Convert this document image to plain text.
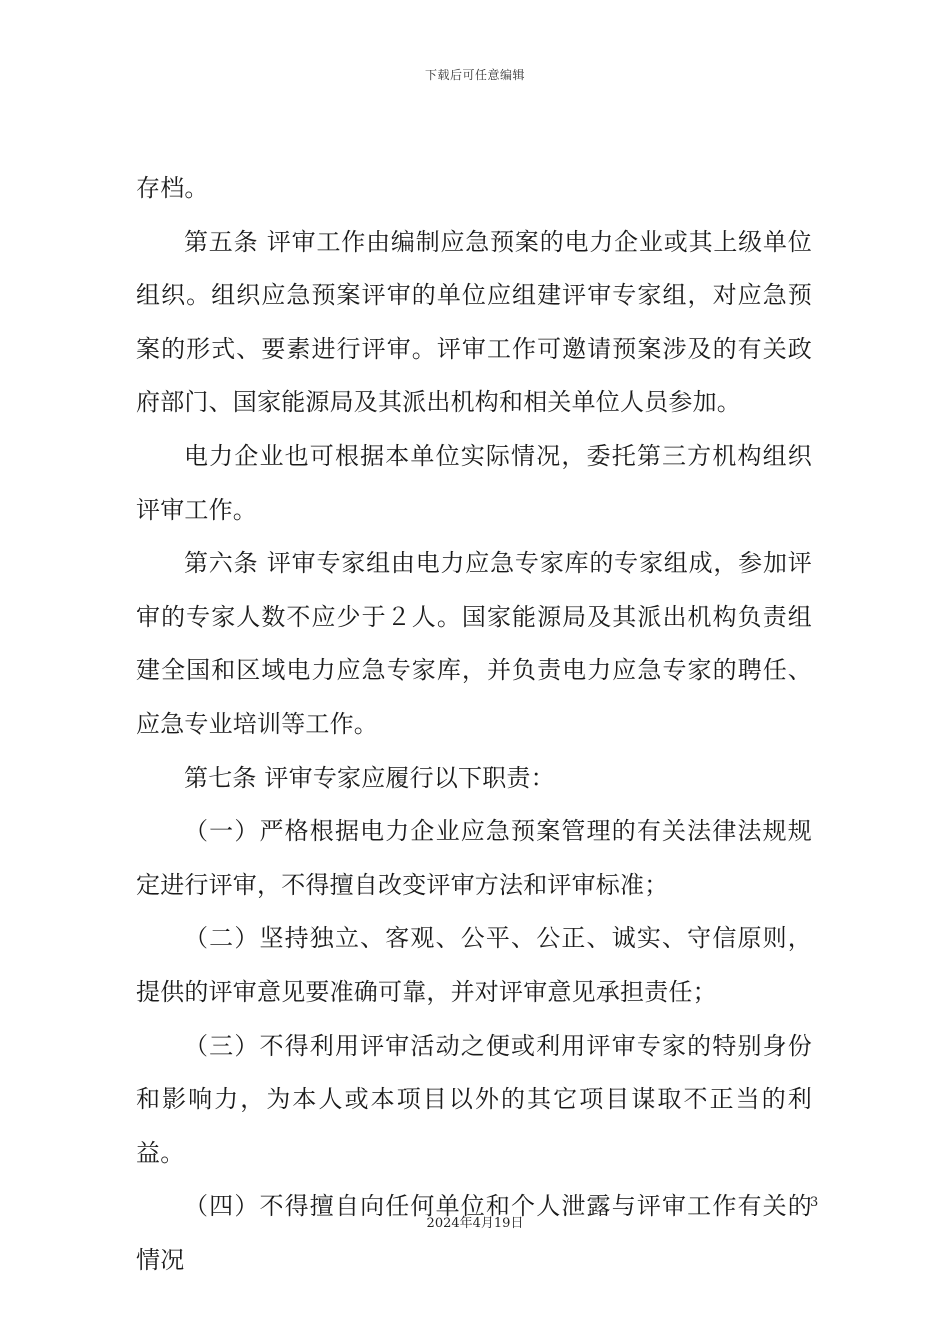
下载后可任意编辑

存档。

第五条 评审工作由编制应急预案的电力企业或其上级单位组织。组织应急预案评审的单位应组建评审专家组，对应急预案的形式、要素进行评审。评审工作可邀请预案涉及的有关政府部门、国家能源局及其派出机构和相关单位人员参加。

电力企业也可根据本单位实际情况，委托第三方机构组织评审工作。

第六条 评审专家组由电力应急专家库的专家组成，参加评审的专家人数不应少于２人。国家能源局及其派出机构负责组建全国和区域电力应急专家库，并负责电力应急专家的聘任、应急专业培训等工作。

第七条 评审专家应履行以下职责：

（一）严格根据电力企业应急预案管理的有关法律法规规定进行评审，不得擅自改变评审方法和评审标准；

（二）坚持独立、客观、公平、公正、诚实、守信原则，提供的评审意见要准确可靠，并对评审意见承担责任；

（三）不得利用评审活动之便或利用评审专家的特别身份和影响力，为本人或本项目以外的其它项目谋取不正当的利益。

（四）不得擅自向任何单位和个人泄露与评审工作有关的情况

3
2024年4月19日
